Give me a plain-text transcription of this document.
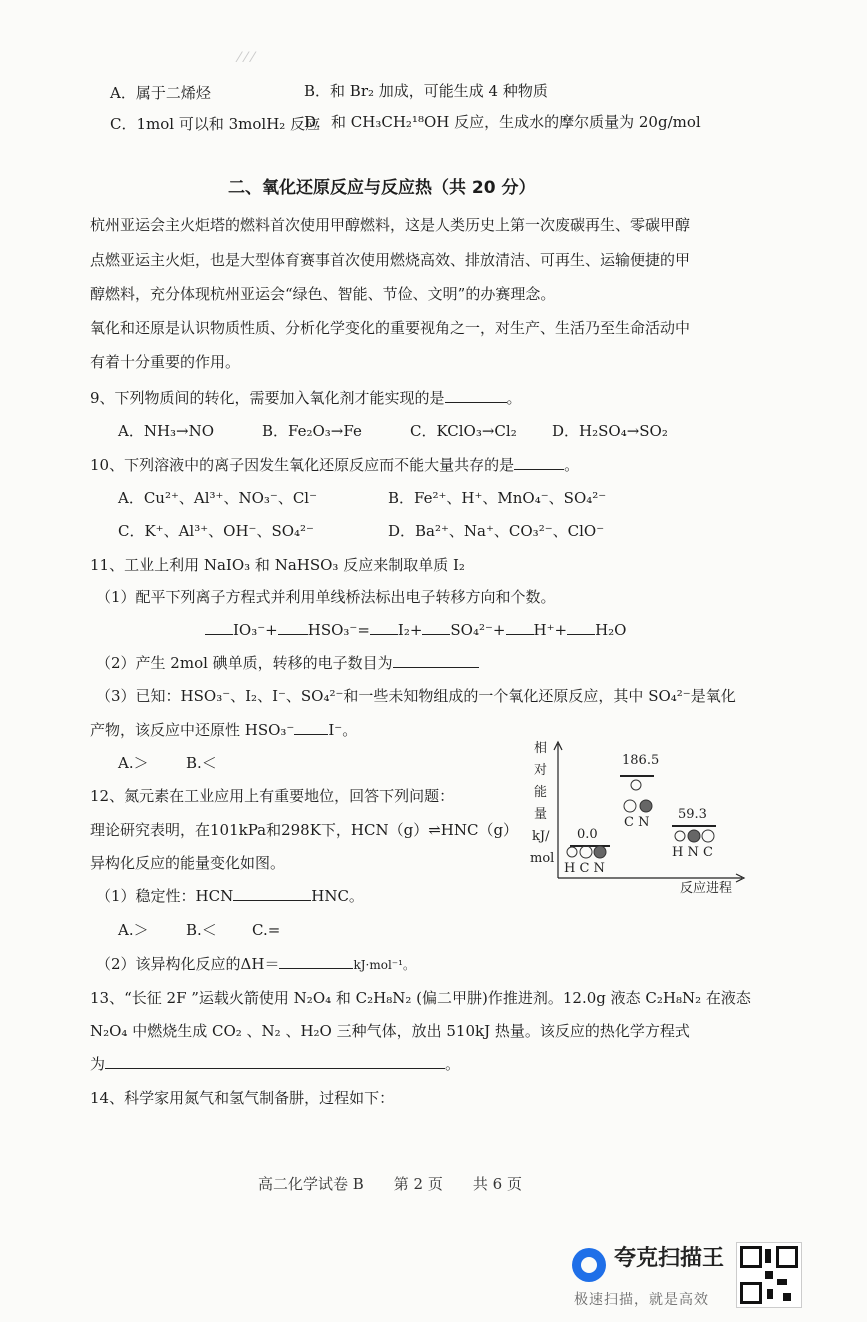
⁄ ⁄ ⁄
A．属于二烯烃	B．和 Br₂ 加成，可能生成 4 种物质
C．1mol 可以和 3molH₂ 反应
D．和 CH₃CH₂¹⁸OH 反应，生成水的摩尔质量为 20g/mol
二、氧化还原反应与反应热（共 20 分）
杭州亚运会主火炬塔的燃料首次使用甲醇燃料，这是人类历史上第一次废碳再生、零碳甲醇
点燃亚运主火炬，也是大型体育赛事首次使用燃烧高效、排放清洁、可再生、运输便捷的甲
醇燃料，充分体现杭州亚运会“绿色、智能、节俭、文明”的办赛理念。
氧化和还原是认识物质性质、分析化学变化的重要视角之一，对生产、生活乃至生命活动中
有着十分重要的作用。
9、下列物质间的转化，需要加入氧化剂才能实现的是	。
A．NH₃→NO	B．Fe₂O₃→Fe	C．KClO₃→Cl₂ D．H₂SO₄→SO₂
10、下列溶液中的离子因发生氧化还原反应而不能大量共存的是	。
A．Cu²⁺、Al³⁺、NO₃⁻、Cl⁻	B．Fe²⁺、H⁺、MnO₄⁻、SO₄²⁻
C．K⁺、Al³⁺、OH⁻、SO₄²⁻	D．Ba²⁺、Na⁺、CO₃²⁻、ClO⁻
11、工业上利用 NaIO₃ 和 NaHSO₃ 反应来制取单质 I₂
（1）配平下列离子方程式并利用单线桥法标出电子转移方向和个数。
IO₃⁻+ HSO₃⁻= I₂+ SO₄²⁻+ H⁺+ H₂O
（2）产生 2mol 碘单质，转移的电子数目为
（3）已知：HSO₃⁻、I₂、I⁻、SO₄²⁻和一些未知物组成的一个氧化还原反应，其中 SO₄²⁻是氧化
产物，该反应中还原性 HSO₃⁻ I⁻。
A.＞ B.＜
12、氮元素在工业应用上有重要地位，回答下列问题：
理论研究表明，在101kPa和298K下，HCN（g）⇌HNC（g）
异构化反应的能量变化如图。
（1）稳定性：HCN	HNC。
A.＞ B.＜ C.=
（2）该异构化反应的ΔH＝	kJ·mol⁻¹。
相
对
能
量
kJ/
mol
0.0
H C N
186.5
C N
59.3
H N C
反应进程
13、“长征 2F ”运载火箭使用 N₂O₄ 和 C₂H₈N₂ (偏二甲肼)作推进剂。12.0g 液态 C₂H₈N₂ 在液态
N₂O₄ 中燃烧生成 CO₂ 、N₂ 、H₂O 三种气体，放出 510kJ 热量。该反应的热化学方程式
为	。
14、科学家用氮气和氢气制备肼，过程如下：
高二化学试卷 B　　第 2 页　　共 6 页
夸克扫描王
极速扫描，就是高效
